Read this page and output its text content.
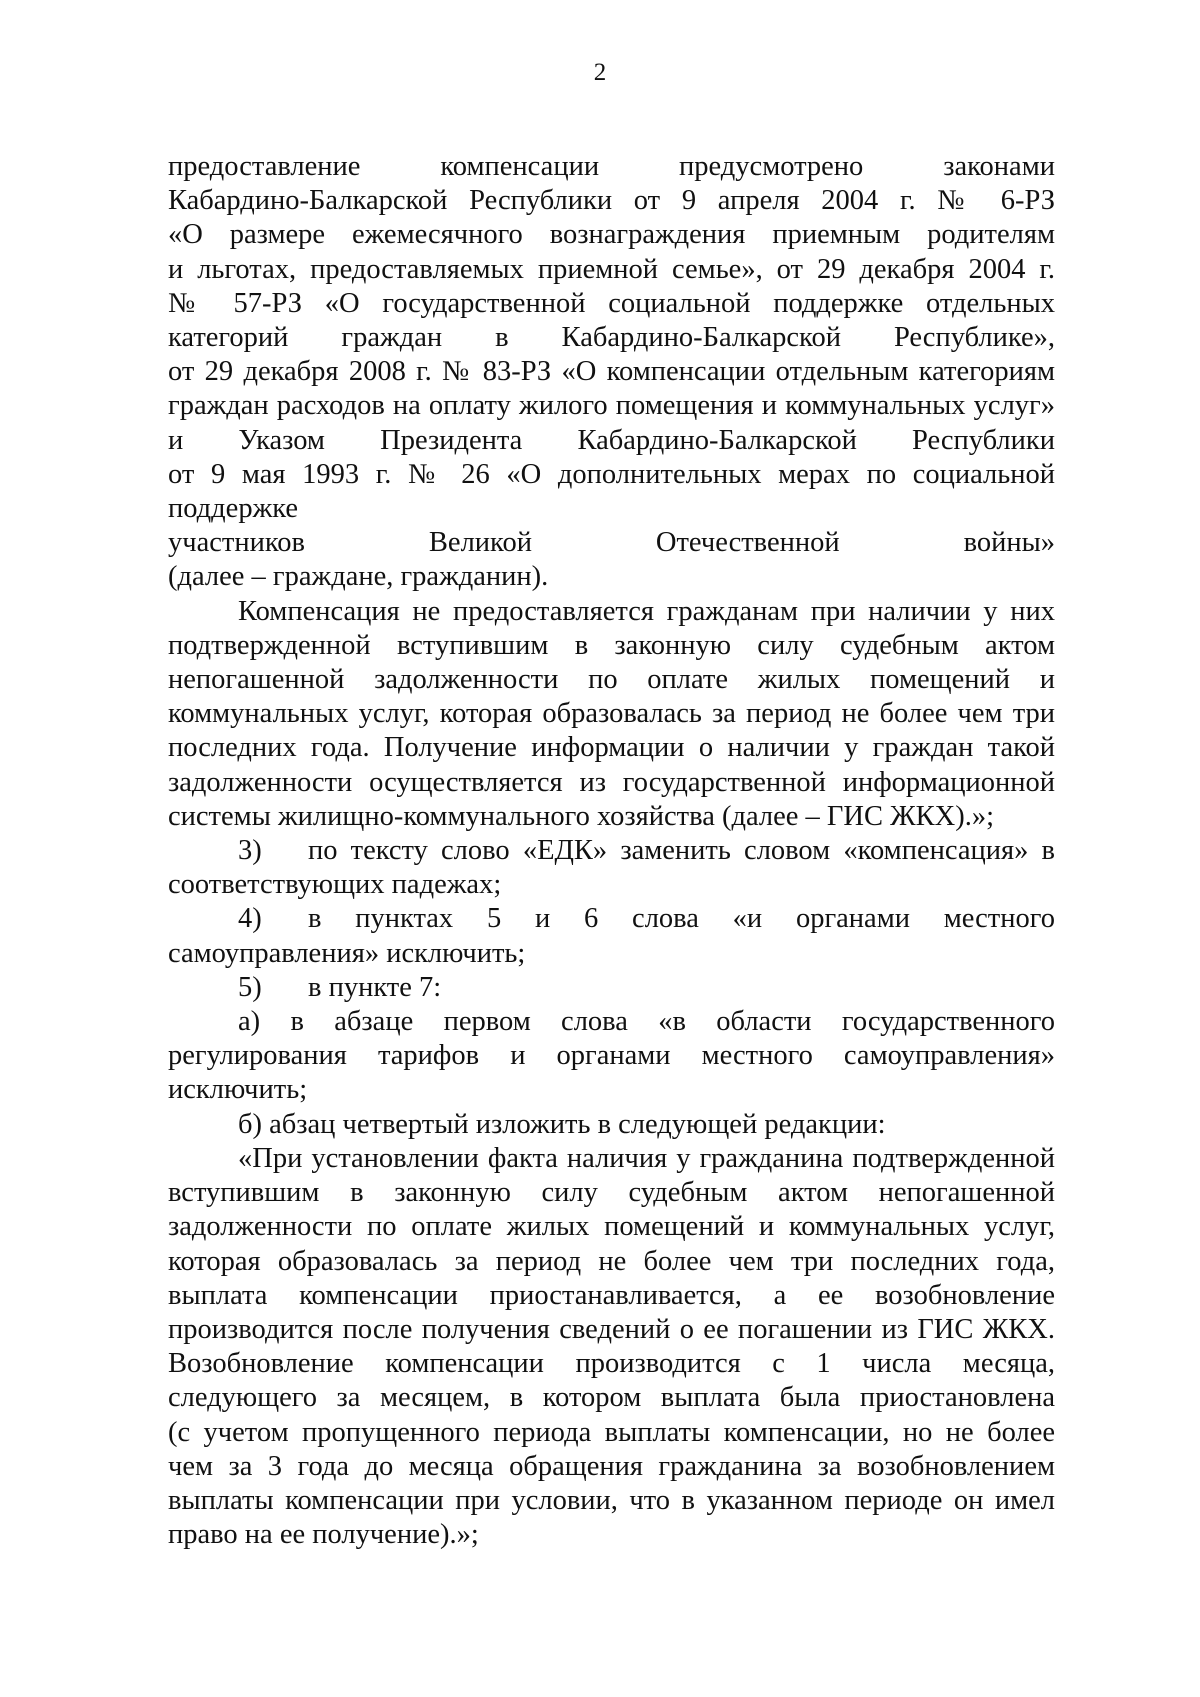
2
предоставление компенсации предусмотрено законами
Кабардино-Балкарской Республики от 9 апреля 2004 г. № 6-РЗ
«О размере ежемесячного вознаграждения приемным родителям
и льготах, предоставляемых приемной семье», от 29 декабря 2004 г.
№ 57-РЗ «О государственной социальной поддержке отдельных
категорий граждан в Кабардино-Балкарской Республике»,
от 29 декабря 2008 г. № 83-РЗ «О компенсации отдельным категориям
граждан расходов на оплату жилого помещения и коммунальных услуг»
и Указом Президента Кабардино-Балкарской Республики
от 9 мая 1993 г. № 26 «О дополнительных мерах по социальной поддержке
участников Великой Отечественной войны»
(далее – граждане, гражданин).

Компенсация не предоставляется гражданам при наличии у них подтвержденной вступившим в законную силу судебным актом непогашенной задолженности по оплате жилых помещений и коммунальных услуг, которая образовалась за период не более чем три последних года. Получение информации о наличии у граждан такой задолженности осуществляется из государственной информационной системы жилищно-коммунального хозяйства (далее – ГИС ЖКХ).»;

3) по тексту слово «ЕДК» заменить словом «компенсация» в соответствующих падежах;

4) в пунктах 5 и 6 слова «и органами местного самоуправления» исключить;

5) в пункте 7:

а) в абзаце первом слова «в области государственного регулирования тарифов и органами местного самоуправления» исключить;

б) абзац четвертый изложить в следующей редакции:

«При установлении факта наличия у гражданина подтвержденной вступившим в законную силу судебным актом непогашенной задолженности по оплате жилых помещений и коммунальных услуг, которая образовалась за период не более чем три последних года, выплата компенсации приостанавливается, а ее возобновление производится после получения сведений о ее погашении из ГИС ЖКХ. Возобновление компенсации производится с 1 числа месяца, следующего за месяцем, в котором выплата была приостановлена
(с учетом пропущенного периода выплаты компенсации, но не более чем за 3 года до месяца обращения гражданина за возобновлением выплаты компенсации при условии, что в указанном периоде он имел право на ее получение).»;
